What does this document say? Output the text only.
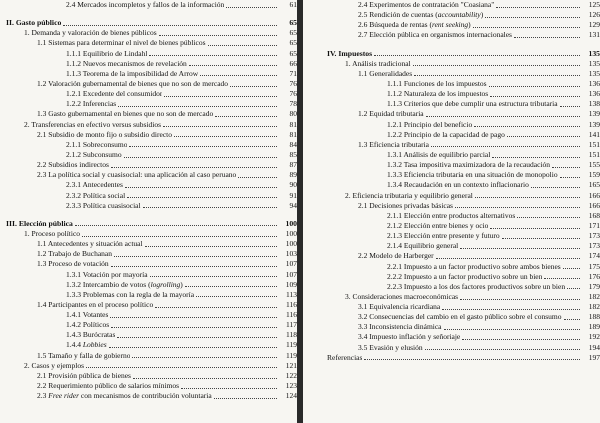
2.4 Mercados incompletos y fallos de la información	61
II. Gasto público	65
1. Demanda y valoración de bienes públicos	65
1.1 Sistemas para determinar el nivel de bienes públicos	65
1.1.1 Equilibrio de Lindahl	65
1.1.2 Nuevos mecanismos de revelación	66
1.1.3 Teorema de la imposibilidad de Arrow	71
1.2 Valoración gubernamental de bienes que no son de mercado	76
1.2.1 Excedente del consumidor	76
1.2.2 Inferencias	78
1.3 Gasto gubernamental en bienes que no son de mercado	80
2. Transferencias en efectivo versus subsidios	81
2.1 Subsidio de monto fijo o subsidio directo	81
2.1.1 Sobreconsumo	84
2.1.2 Subconsumo	85
2.2 Subsidios indirectos	87
2.3 La política social y cuasisocial: una aplicación al caso peruano	89
2.3.1 Antecedentes	90
2.3.2 Política social	91
2.3.3 Política cuasisocial	94
III. Elección pública	100
1. Proceso político	100
1.1 Antecedentes y situación actual	100
1.2 Trabajo de Buchanan	103
1.3 Proceso de votación	107
1.3.1 Votación por mayoría	107
1.3.2 Intercambio de votos (logrolling)	109
1.3.3 Problemas con la regla de la mayoría	113
1.4 Participantes en el proceso político	116
1.4.1 Votantes	116
1.4.2 Políticos	117
1.4.3 Burócratas	118
1.4.4 Lobbies	119
1.5 Tamaño y falla de gobierno	119
2. Casos y ejemplos	121
2.1 Provisión pública de bienes	122
2.2 Requerimiento público de salarios mínimos	123
2.3 Free rider con mecanismos de contribución voluntaria	124
2.4 Experimentos de contratación "Coasiana"	125
2.5 Rendición de cuentas (accountability)	126
2.6 Búsqueda de rentas (rent seeking)	129
2.7 Elección pública en organismos internacionales	131
IV. Impuestos	135
1. Análisis tradicional	135
1.1 Generalidades	135
1.1.1 Funciones de los impuestos	136
1.1.2 Naturaleza de los impuestos	136
1.1.3 Criterios que debe cumplir una estructura tributaria	138
1.2 Equidad tributaria	139
1.2.1 Principio del beneficio	139
1.2.2 Principio de la capacidad de pago	141
1.3 Eficiencia tributaria	151
1.3.1 Análisis de equilibrio parcial	151
1.3.2 Tasa impositiva maximizadora de la recaudación	155
1.3.3 Eficiencia tributaria en una situación de monopolio	159
1.3.4 Recaudación en un contexto inflacionario	165
2. Eficiencia tributaria y equilibrio general	166
2.1 Decisiones privadas básicas	166
2.1.1 Elección entre productos alternativos	168
2.1.2 Elección entre bienes y ocio	171
2.1.3 Elección entre presente y futuro	173
2.1.4 Equilibrio general	173
2.2 Modelo de Harberger	174
2.2.1 Impuesto a un factor productivo sobre ambos bienes	175
2.2.2 Impuesto a un factor productivo sobre un bien	176
2.2.3 Impuesto a los dos factores productivos sobre un bien	179
3. Consideraciones macroeconómicas	182
3.1 Equivalencia ricardiana	182
3.2 Consecuencias del cambio en el gasto público sobre el consumo	188
3.3 Inconsistencia dinámica	189
3.4 Impuesto inflación y señoriaje	192
3.5 Evasión y elusión	194
Referencias	197
